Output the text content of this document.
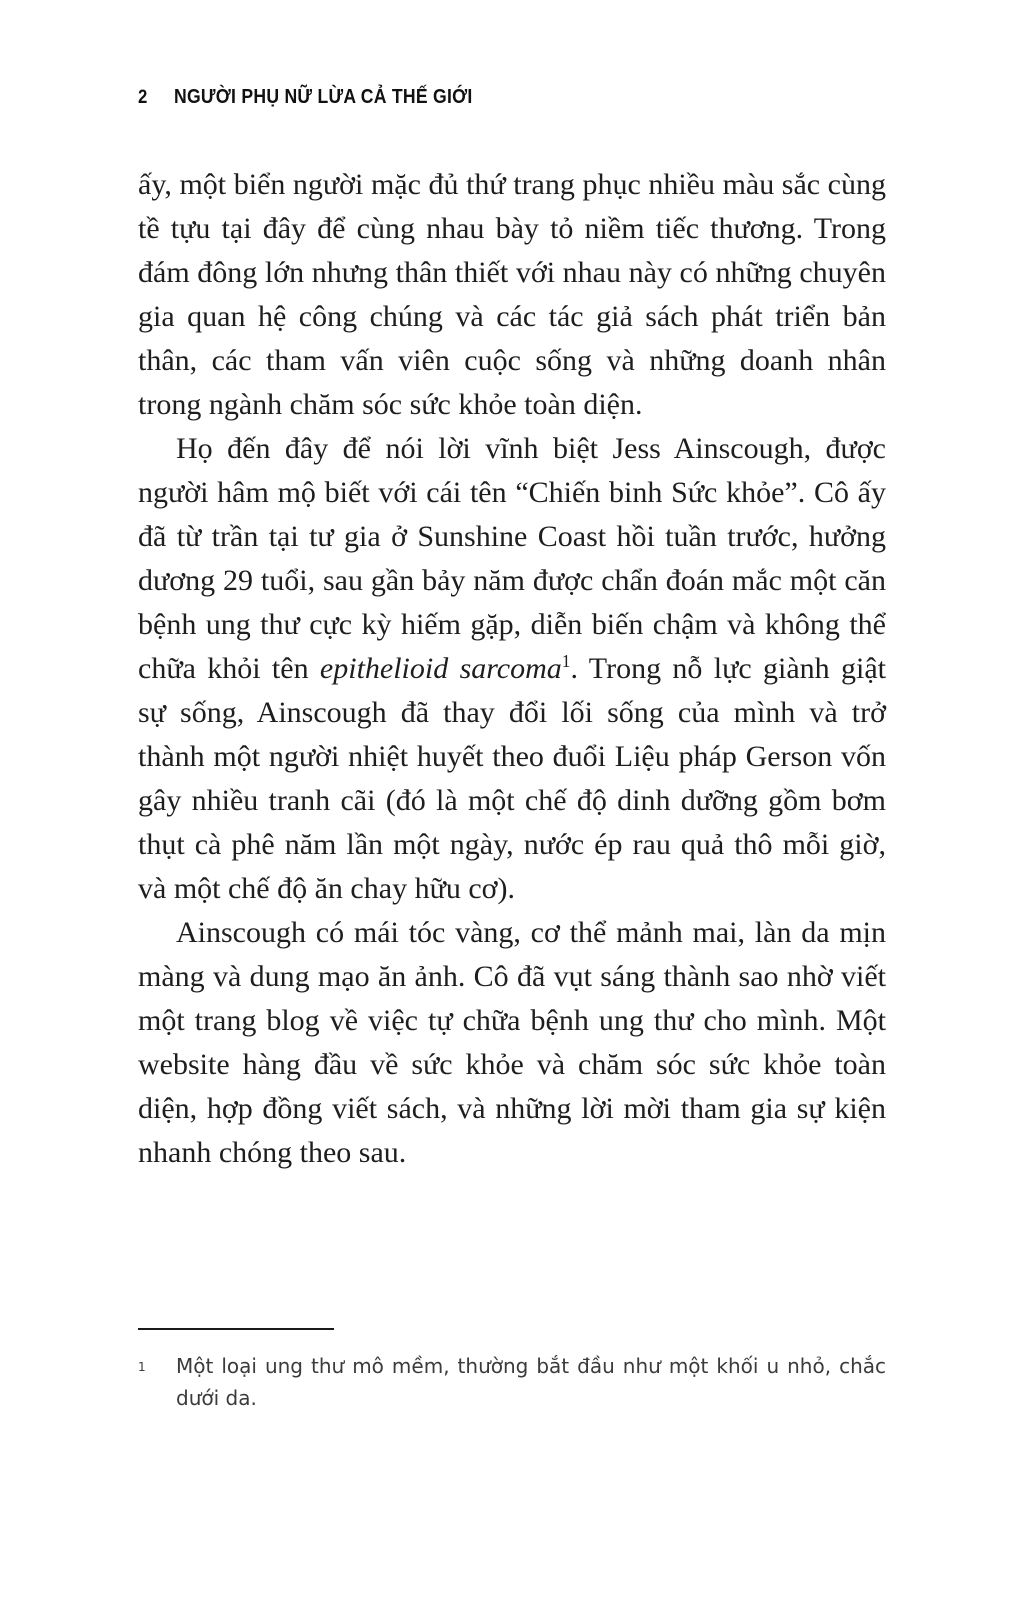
2 NGƯỜI PHỤ NỮ LỪA CẢ THẾ GIỚI

ấy, một biển người mặc đủ thứ trang phục nhiều màu sắc cùng tề tựu tại đây để cùng nhau bày tỏ niềm tiếc thương. Trong đám đông lớn nhưng thân thiết với nhau này có những chuyên gia quan hệ công chúng và các tác giả sách phát triển bản thân, các tham vấn viên cuộc sống và những doanh nhân trong ngành chăm sóc sức khỏe toàn diện.

Họ đến đây để nói lời vĩnh biệt Jess Ainscough, được người hâm mộ biết với cái tên “Chiến binh Sức khỏe”. Cô ấy đã từ trần tại tư gia ở Sunshine Coast hồi tuần trước, hưởng dương 29 tuổi, sau gần bảy năm được chẩn đoán mắc một căn bệnh ung thư cực kỳ hiếm gặp, diễn biến chậm và không thể chữa khỏi tên epithelioid sarcoma$^1$. Trong nỗ lực giành giật sự sống, Ainscough đã thay đổi lối sống của mình và trở thành một người nhiệt huyết theo đuổi Liệu pháp Gerson vốn gây nhiều tranh cãi (đó là một chế độ dinh dưỡng gồm bơm thụt cà phê năm lần một ngày, nước ép rau quả thô mỗi giờ, và một chế độ ăn chay hữu cơ).

Ainscough có mái tóc vàng, cơ thể mảnh mai, làn da mịn màng và dung mạo ăn ảnh. Cô đã vụt sáng thành sao nhờ viết một trang blog về việc tự chữa bệnh ung thư cho mình. Một website hàng đầu về sức khỏe và chăm sóc sức khỏe toàn diện, hợp đồng viết sách, và những lời mời tham gia sự kiện nhanh chóng theo sau.

1	Một loại ung thư mô mềm, thường bắt đầu như một khối u nhỏ, chắc dưới da.
